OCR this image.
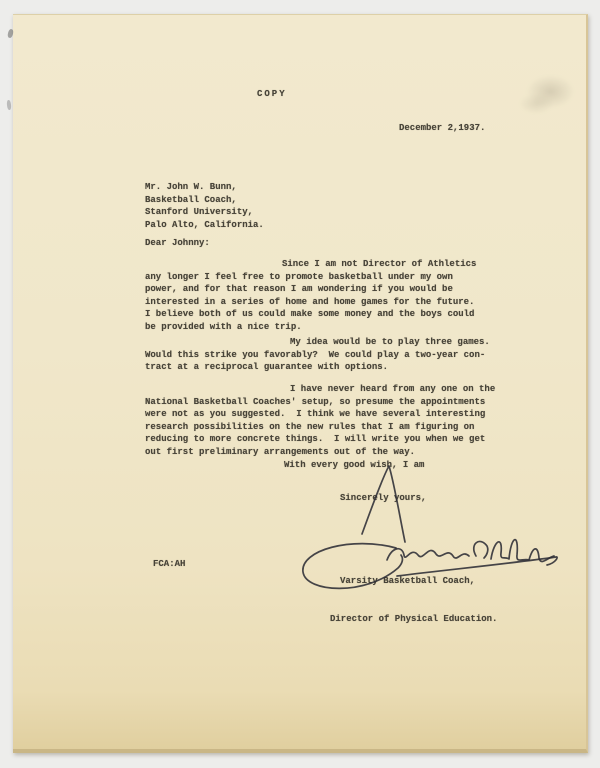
COPY
December 2,1937.
Mr. John W. Bunn,
Basketball Coach,
Stanford University,
Palo Alto, California.
Dear Johnny:
Since I am not Director of Athletics
any longer I feel free to promote basketball under my own
power, and for that reason I am wondering if you would be
interested in a series of home and home games for the future.
I believe both of us could make some money and the boys could
be provided with a nice trip.
My idea would be to play three games.
Would this strike you favorably?  We could play a two-year con-
tract at a reciprocal guarantee with options.
I have never heard from any one on the
National Basketball Coaches' setup, so presume the appointments
were not as you suggested.  I think we have several interesting
research possibilities on the new rules that I am figuring on
reducing to more concrete things.  I will write you when we get
out first preliminary arrangements out of the way.
With every good wish, I am
Sincerely yours,

Varsity Basketball Coach,

Director of Physical Education.

FCA:AH
